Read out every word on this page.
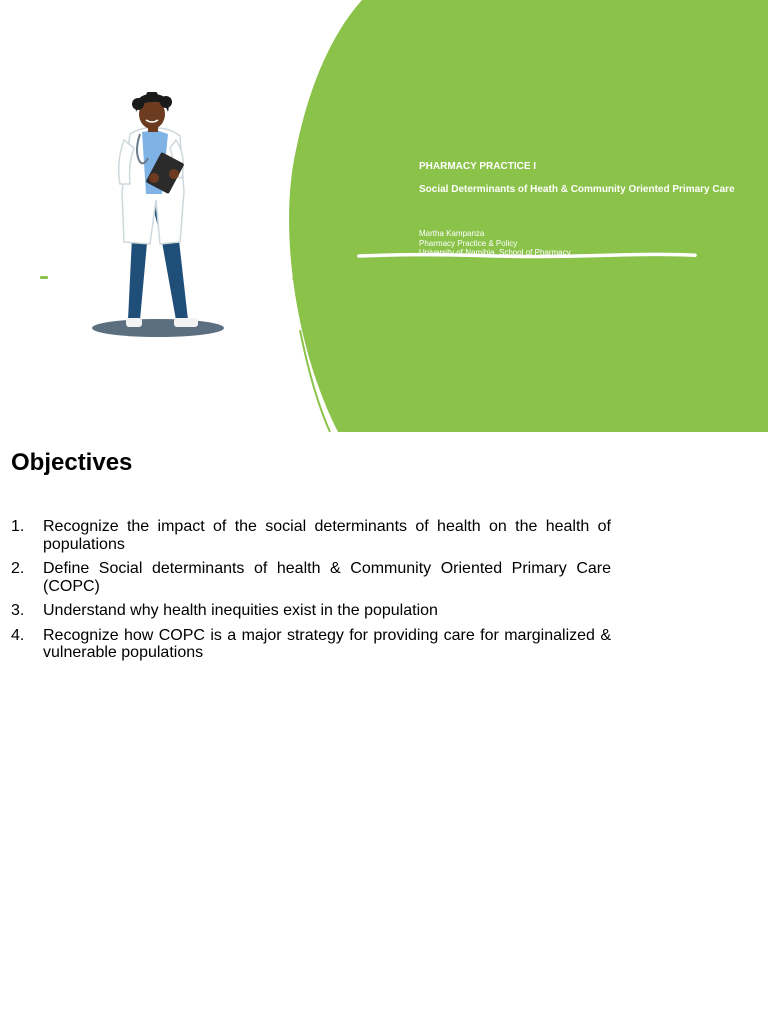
PHARMACY PRACTICE I
Social Determinants of Heath & Community Oriented Primary Care
Martha Kampanza
Pharmacy Practice & Policy
University of Namibia, School of Pharmacy
Objectives
1. Recognize the impact of the social determinants of health on the health of populations
2. Define Social determinants of health & Community Oriented Primary Care (COPC)
3. Understand why health inequities exist in the population
4. Recognize how COPC is a major strategy for providing care for marginalized & vulnerable populations
